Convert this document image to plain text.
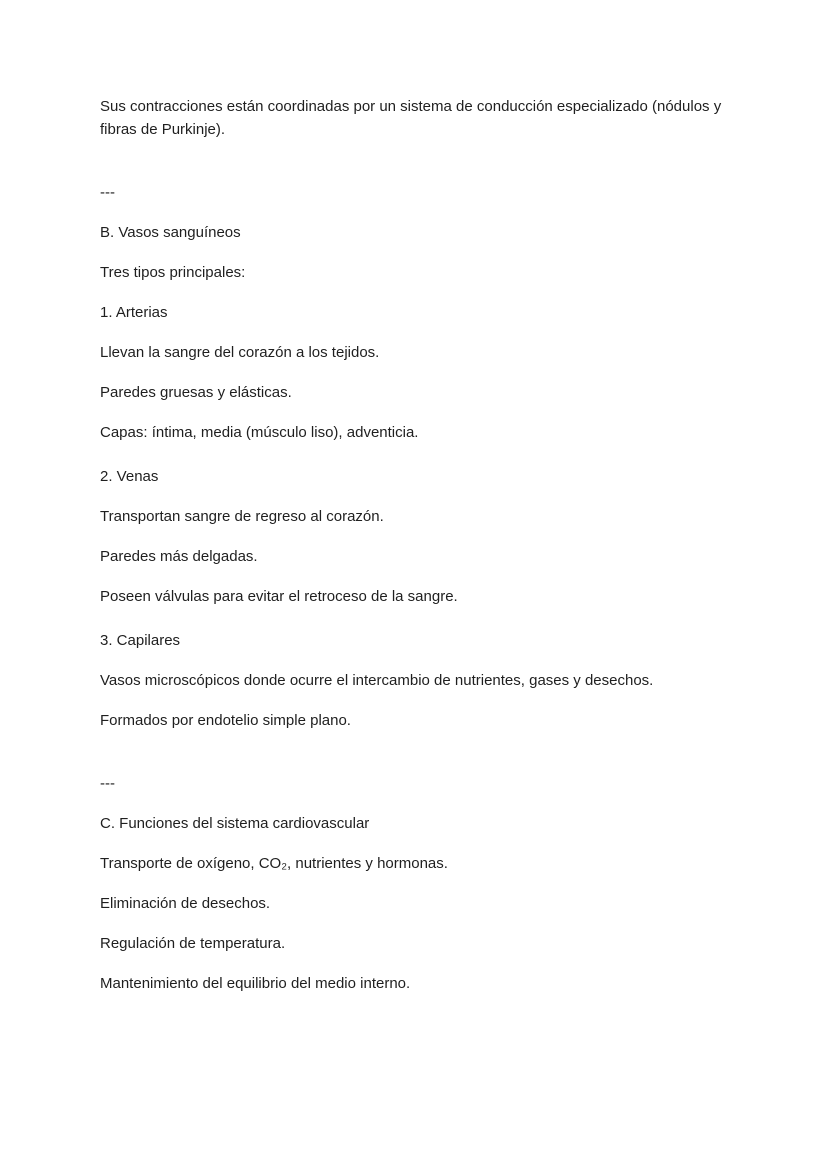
Sus contracciones están coordinadas por un sistema de conducción especializado (nódulos y fibras de Purkinje).

---

B. Vasos sanguíneos

Tres tipos principales:

1. Arterias

Llevan la sangre del corazón a los tejidos.

Paredes gruesas y elásticas.

Capas: íntima, media (músculo liso), adventicia.

2. Venas

Transportan sangre de regreso al corazón.

Paredes más delgadas.

Poseen válvulas para evitar el retroceso de la sangre.

3. Capilares

Vasos microscópicos donde ocurre el intercambio de nutrientes, gases y desechos.

Formados por endotelio simple plano.

---

C. Funciones del sistema cardiovascular

Transporte de oxígeno, CO₂, nutrientes y hormonas.

Eliminación de desechos.

Regulación de temperatura.

Mantenimiento del equilibrio del medio interno.
